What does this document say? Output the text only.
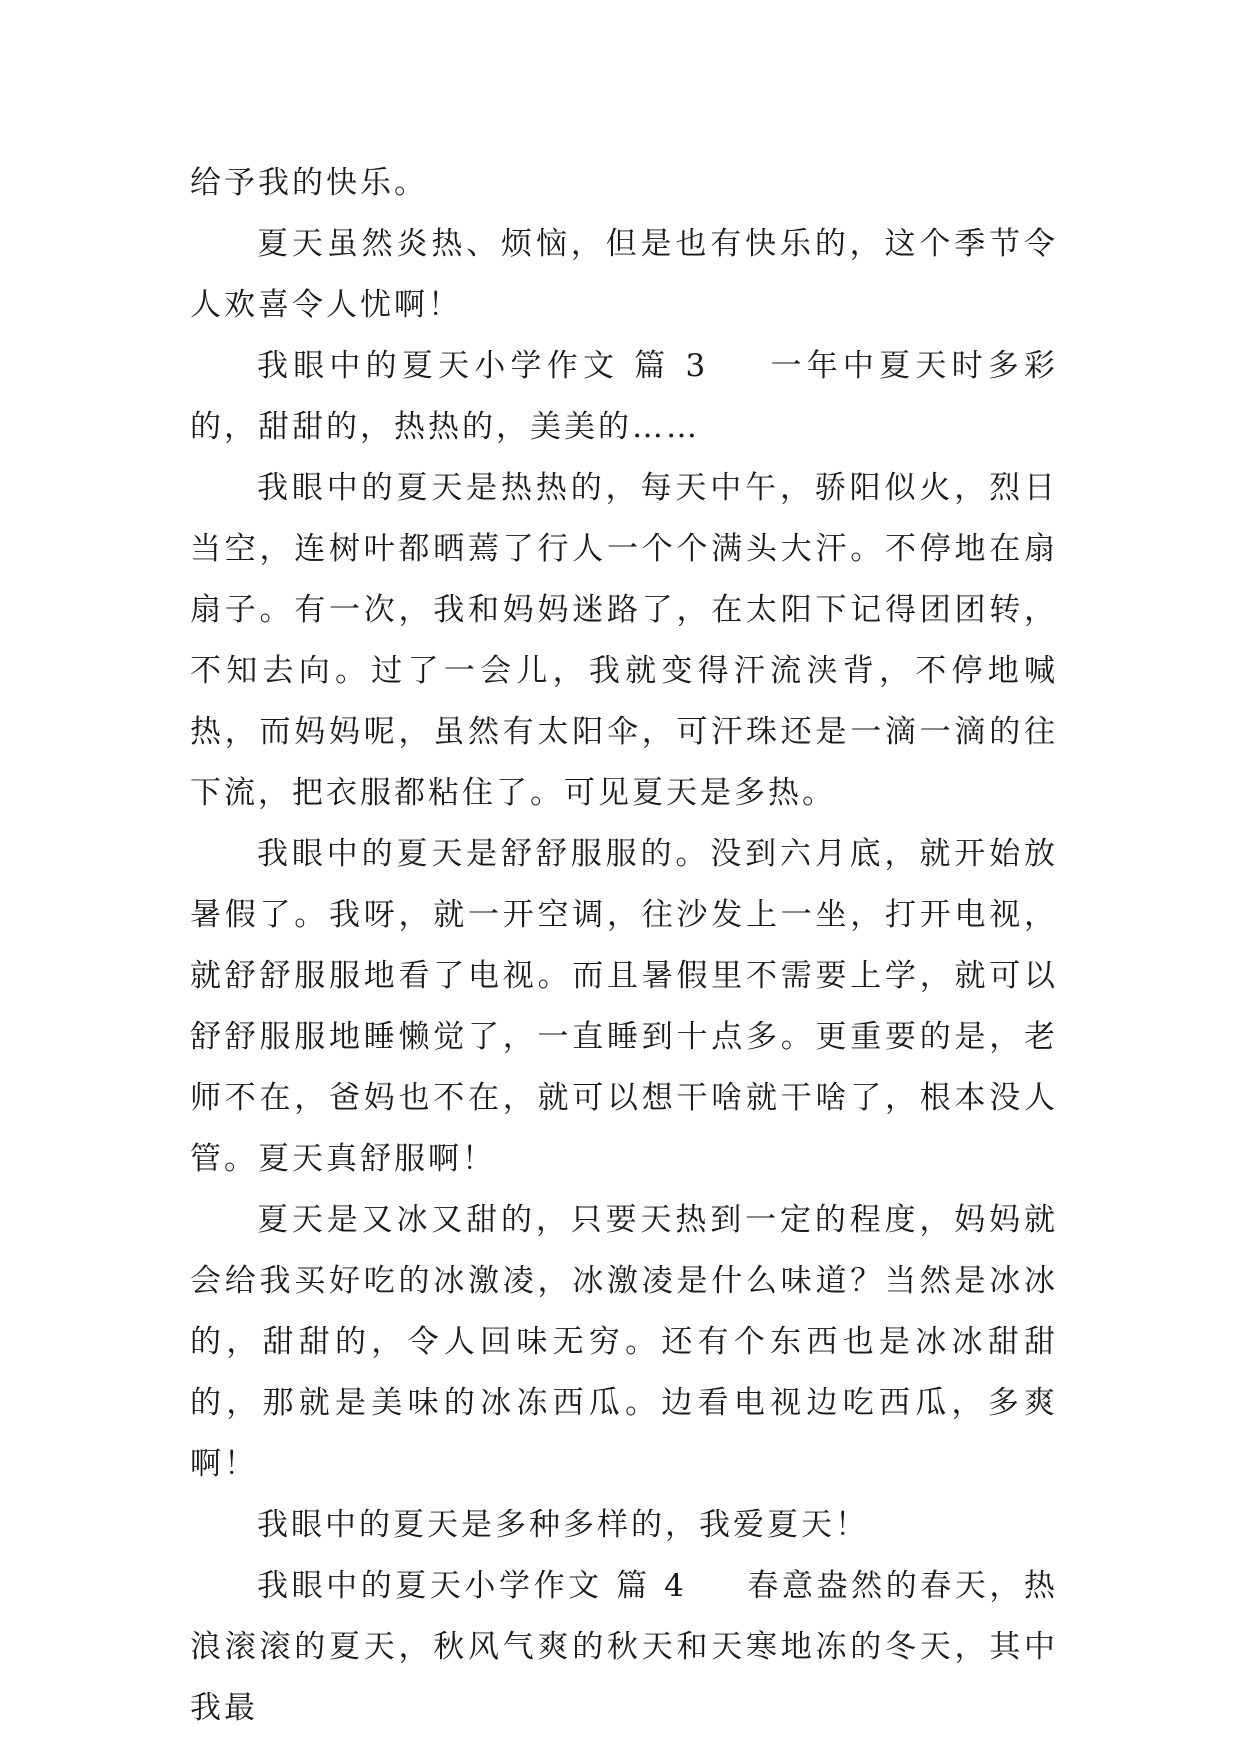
给予我的快乐。

夏天虽然炎热、烦恼，但是也有快乐的，这个季节令人欢喜令人忧啊！

我眼中的夏天小学作文 篇 3 一年中夏天时多彩的，甜甜的，热热的，美美的……

我眼中的夏天是热热的，每天中午，骄阳似火，烈日当空，连树叶都晒蔫了行人一个个满头大汗。不停地在扇扇子。有一次，我和妈妈迷路了，在太阳下记得团团转，不知去向。过了一会儿，我就变得汗流浃背，不停地喊热，而妈妈呢，虽然有太阳伞，可汗珠还是一滴一滴的往下流，把衣服都粘住了。可见夏天是多热。

我眼中的夏天是舒舒服服的。没到六月底，就开始放暑假了。我呀，就一开空调，往沙发上一坐，打开电视，就舒舒服服地看了电视。而且暑假里不需要上学，就可以舒舒服服地睡懒觉了，一直睡到十点多。更重要的是，老师不在，爸妈也不在，就可以想干啥就干啥了，根本没人管。夏天真舒服啊！

夏天是又冰又甜的，只要天热到一定的程度，妈妈就会给我买好吃的冰激凌，冰激凌是什么味道？当然是冰冰的，甜甜的，令人回味无穷。还有个东西也是冰冰甜甜的，那就是美味的冰冻西瓜。边看电视边吃西瓜，多爽啊！

我眼中的夏天是多种多样的，我爱夏天！

我眼中的夏天小学作文 篇 4 春意盎然的春天，热浪滚滚的夏天，秋风气爽的秋天和天寒地冻的冬天，其中我最
